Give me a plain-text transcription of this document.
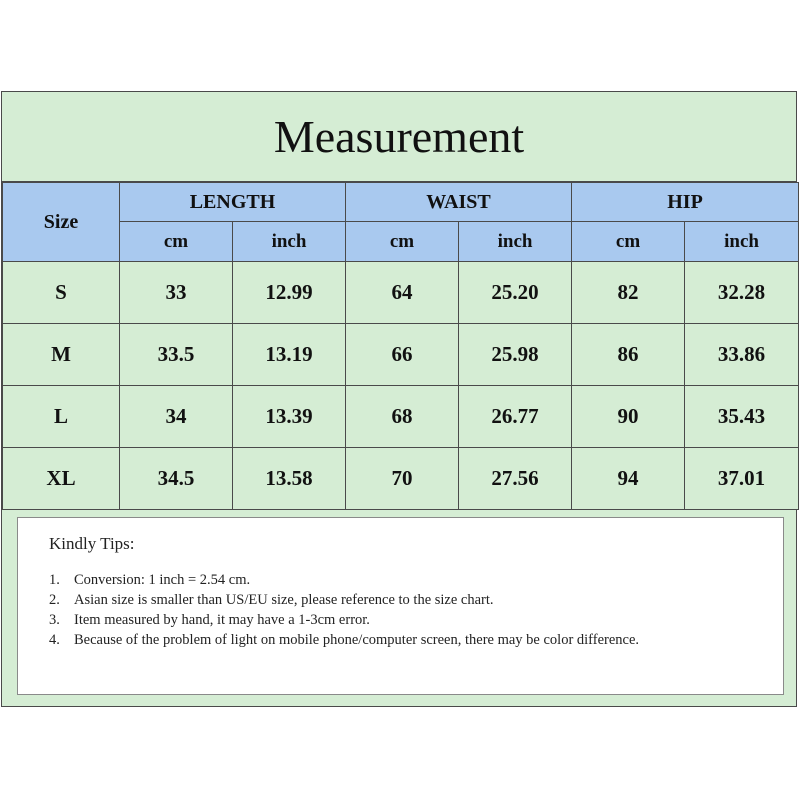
Measurement
Size	LENGTH		WAIST		HIP	
	cm	inch	cm	inch	cm	inch
S	33	12.99	64	25.20	82	32.28
M	33.5	13.19	66	25.98	86	33.86
L	34	13.39	68	26.77	90	35.43
XL	34.5	13.58	70	27.56	94	37.01
Kindly Tips:
1. Conversion: 1 inch = 2.54 cm.
2. Asian size is smaller than US/EU size, please reference to the size chart.
3. Item measured by hand, it may have a 1-3cm error.
4. Because of the problem of light on mobile phone/computer screen, there may be color difference.
